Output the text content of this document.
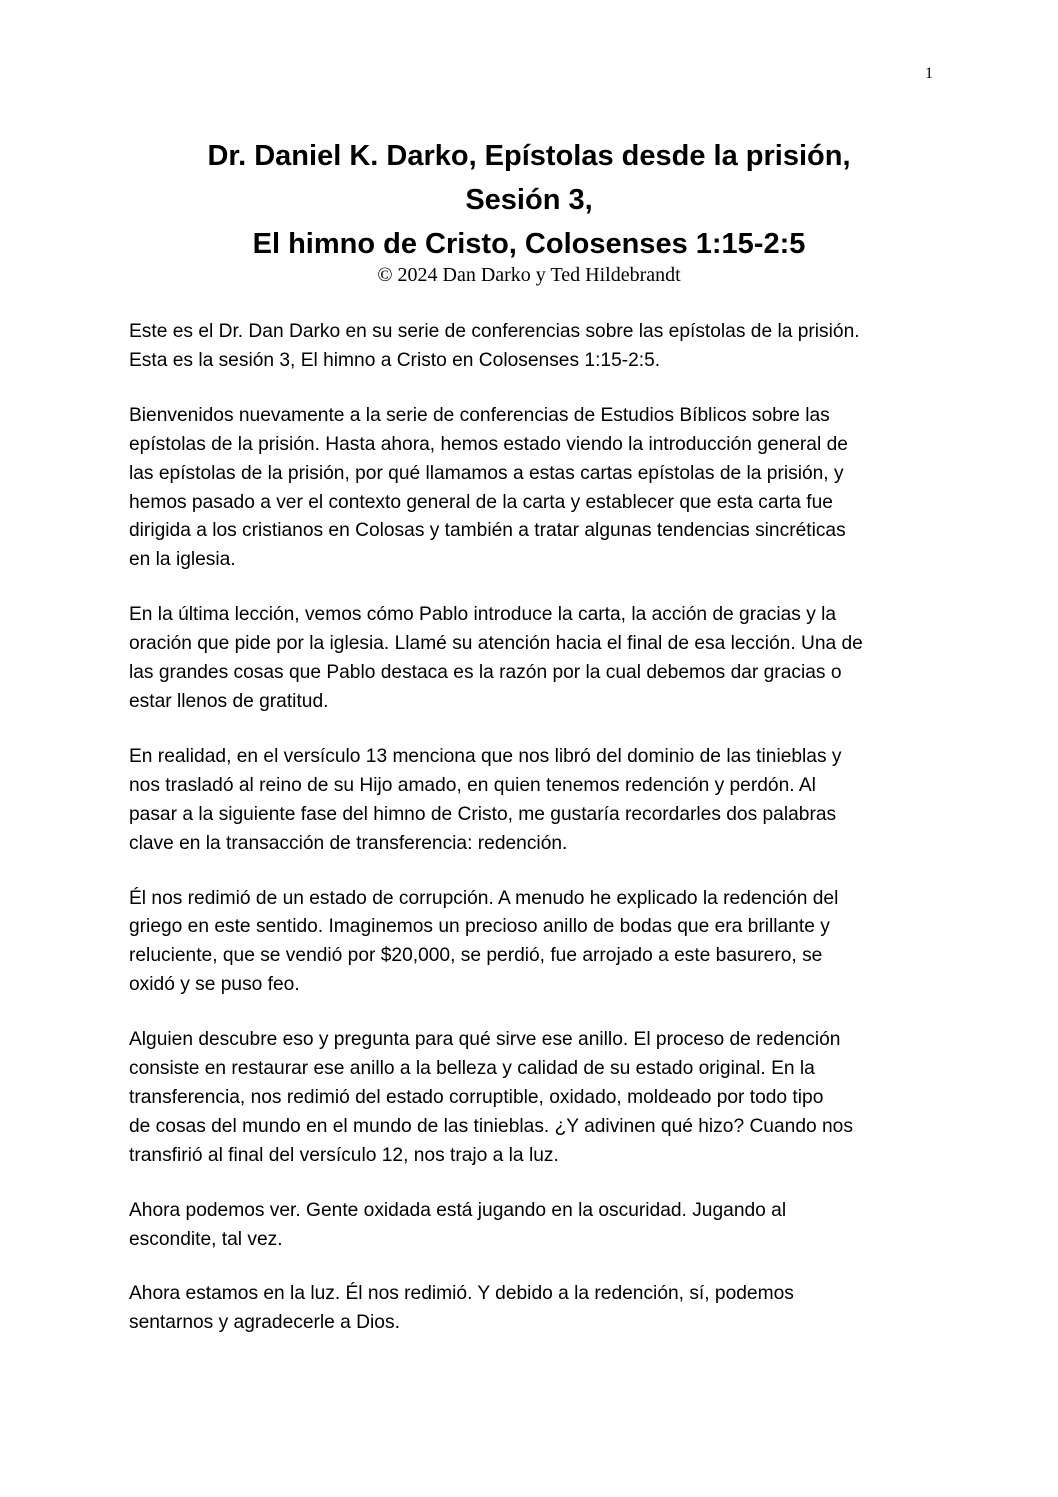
1
Dr. Daniel K. Darko, Epístolas desde la prisión,
Sesión 3,
El himno de Cristo, Colosenses 1:15-2:5
© 2024 Dan Darko y Ted Hildebrandt

Este es el Dr. Dan Darko en su serie de conferencias sobre las epístolas de la prisión.
Esta es la sesión 3, El himno a Cristo en Colosenses 1:15-2:5.

Bienvenidos nuevamente a la serie de conferencias de Estudios Bíblicos sobre las
epístolas de la prisión. Hasta ahora, hemos estado viendo la introducción general de
las epístolas de la prisión, por qué llamamos a estas cartas epístolas de la prisión, y
hemos pasado a ver el contexto general de la carta y establecer que esta carta fue
dirigida a los cristianos en Colosas y también a tratar algunas tendencias sincréticas
en la iglesia.

En la última lección, vemos cómo Pablo introduce la carta, la acción de gracias y la
oración que pide por la iglesia. Llamé su atención hacia el final de esa lección. Una de
las grandes cosas que Pablo destaca es la razón por la cual debemos dar gracias o
estar llenos de gratitud.

En realidad, en el versículo 13 menciona que nos libró del dominio de las tinieblas y
nos trasladó al reino de su Hijo amado, en quien tenemos redención y perdón. Al
pasar a la siguiente fase del himno de Cristo, me gustaría recordarles dos palabras
clave en la transacción de transferencia: redención.

Él nos redimió de un estado de corrupción. A menudo he explicado la redención del
griego en este sentido. Imaginemos un precioso anillo de bodas que era brillante y
reluciente, que se vendió por $20,000, se perdió, fue arrojado a este basurero, se
oxidó y se puso feo.

Alguien descubre eso y pregunta para qué sirve ese anillo. El proceso de redención
consiste en restaurar ese anillo a la belleza y calidad de su estado original. En la
transferencia, nos redimió del estado corruptible, oxidado, moldeado por todo tipo
de cosas del mundo en el mundo de las tinieblas. ¿Y adivinen qué hizo? Cuando nos
transfirió al final del versículo 12, nos trajo a la luz.

Ahora podemos ver. Gente oxidada está jugando en la oscuridad. Jugando al
escondite, tal vez.

Ahora estamos en la luz. Él nos redimió. Y debido a la redención, sí, podemos
sentarnos y agradecerle a Dios.
